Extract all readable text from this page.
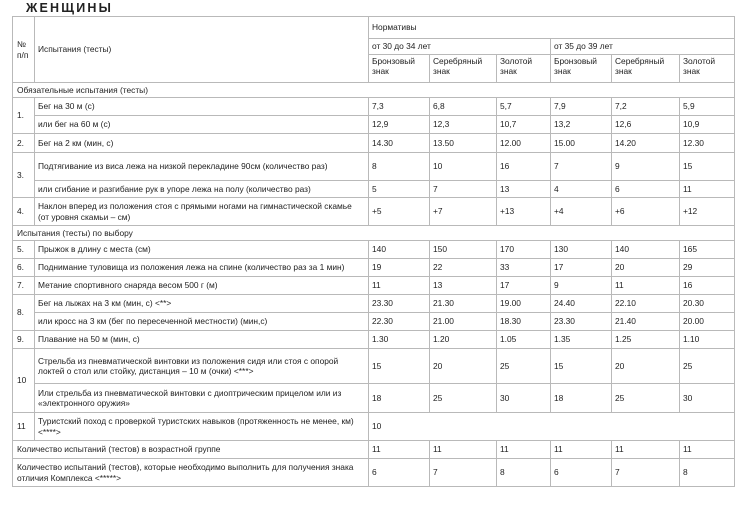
ЖЕНЩИНЫ
№ п/п	Испытания (тесты)	Нормативы					
		от 30 до 34 лет			от 35 до 39 лет		
		Бронзовый знак	Серебряный знак	Золотой знак	Бронзовый знак	Серебряный знак	Золотой знак
Обязательные испытания (тесты)							
1.	Бег на 30 м (с)	7,3	6,8	5,7	7,9	7,2	5,9
	или бег на 60 м (с)	12,9	12,3	10,7	13,2	12,6	10,9
2.	Бег на 2 км (мин, с)	14.30	13.50	12.00	15.00	14.20	12.30
3.	Подтягивание из виса лежа на низкой перекладине 90см (количество раз)	8	10	16	7	9	15
	или сгибание и разгибание рук в упоре лежа на полу (количество раз)	5	7	13	4	6	11
4.	Наклон вперед из положения стоя с прямыми ногами на гимнастической скамье (от уровня скамьи – см)	+5	+7	+13	+4	+6	+12
Испытания (тесты) по выбору							
5.	Прыжок в длину с места (см)	140	150	170	130	140	165
6.	Поднимание туловища из положения лежа на спине (количество раз за 1 мин)	19	22	33	17	20	29
7.	Метание спортивного снаряда весом 500 г (м)	11	13	17	9	11	16
8.	Бег на лыжах на 3 км (мин, с) <**>	23.30	21.30	19.00	24.40	22.10	20.30
	или кросс на 3 км (бег по пересеченной местности) (мин,с)	22.30	21.00	18.30	23.30	21.40	20.00
9.	Плавание на 50 м (мин, с)	1.30	1.20	1.05	1.35	1.25	1.10
10	Стрельба из пневматической винтовки из положения сидя или стоя с опорой локтей о стол или стойку, дистанция – 10 м (очки) <***>	15	20	25	15	20	25
	Или стрельба из пневматической винтовки с диоптрическим прицелом или из «электронного оружия»	18	25	30	18	25	30
11	Туристский поход с проверкой туристских навыков (протяженность не менее, км) <****>	10					
Количество испытаний (тестов) в возрастной группе		11	11	11	11	11	11
Количество испытаний (тестов), которые необходимо выполнить для получения знака отличия Комплекса <*****>		6	7	8	6	7	8
